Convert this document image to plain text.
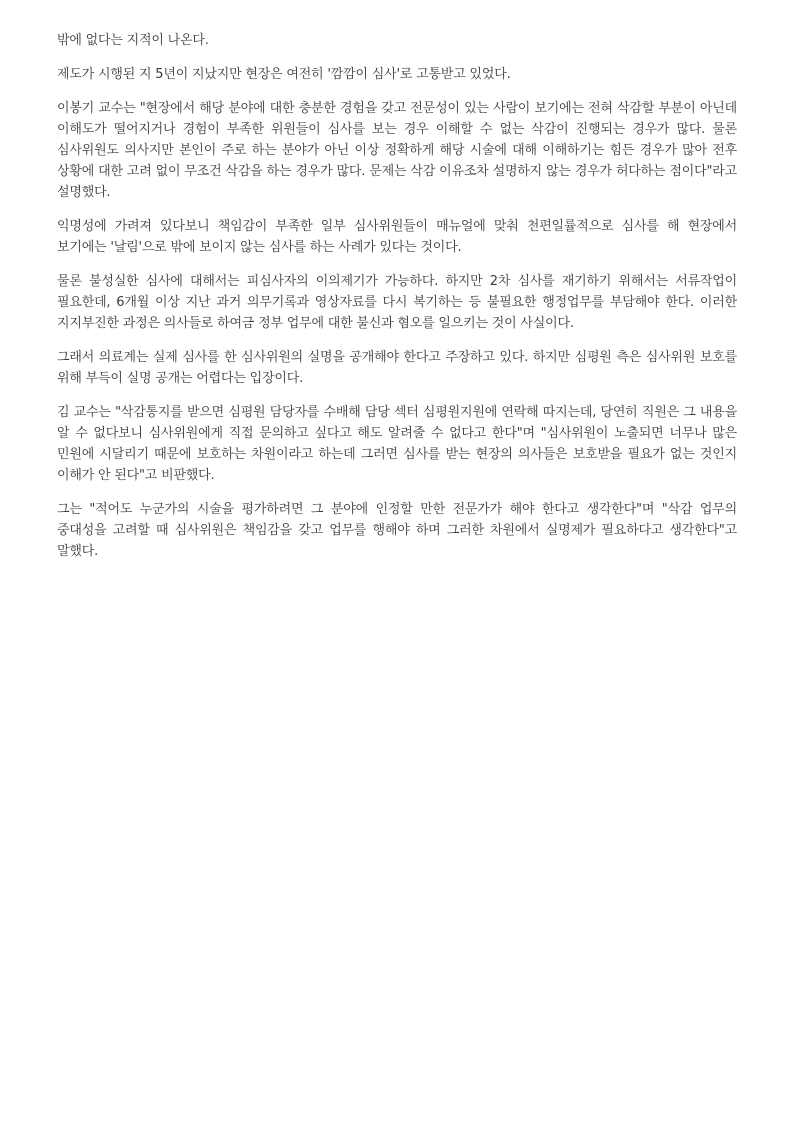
밖에 없다는 지적이 나온다.

제도가 시행된 지 5년이 지났지만 현장은 여전히 '깜깜이 심사'로 고통받고 있었다.

이봉기 교수는 "현장에서 해당 분야에 대한 충분한 경험을 갖고 전문성이 있는 사람이 보기에는 전혀 삭감할 부분이 아닌데 이해도가 떨어지거나 경험이 부족한 위원들이 심사를 보는 경우 이해할 수 없는 삭감이 진행되는 경우가 많다. 물론 심사위원도 의사지만 본인이 주로 하는 분야가 아닌 이상 정확하게 해당 시술에 대해 이해하기는 힘든 경우가 많아 전후 상황에 대한 고려 없이 무조건 삭감을 하는 경우가 많다. 문제는 삭감 이유조차 설명하지 않는 경우가 허다하는 점이다"라고 설명했다.

익명성에 가려져 있다보니 책임감이 부족한 일부 심사위원들이 매뉴얼에 맞춰 천편일률적으로 심사를 해 현장에서 보기에는 '날림'으로 밖에 보이지 않는 심사를 하는 사례가 있다는 것이다.

물론 불성실한 심사에 대해서는 피심사자의 이의제기가 가능하다. 하지만 2차 심사를 재기하기 위해서는 서류작업이 필요한데, 6개월 이상 지난 과거 의무기록과 영상자료를 다시 복기하는 등 불필요한 행정업무를 부담해야 한다. 이러한 지지부진한 과정은 의사들로 하여금 정부 업무에 대한 불신과 혐오를 일으키는 것이 사실이다.

그래서 의료계는 실제 심사를 한 심사위원의 실명을 공개해야 한다고 주장하고 있다. 하지만 심평원 측은 심사위원 보호를 위해 부득이 실명 공개는 어렵다는 입장이다.

김 교수는 "삭감통지를 받으면 심평원 담당자를 수배해 담당 섹터 심평원지원에 연락해 따지는데, 당연히 직원은 그 내용을 알 수 없다보니 심사위원에게 직접 문의하고 싶다고 해도 알려줄 수 없다고 한다"며 "심사위원이 노출되면 너무나 많은 민원에 시달리기 때문에 보호하는 차원이라고 하는데 그러면 심사를 받는 현장의 의사들은 보호받을 필요가 없는 것인지 이해가 안 된다"고 비판했다.

그는 "적어도 누군가의 시술을 평가하려면 그 분야에 인정할 만한 전문가가 해야 한다고 생각한다"며 "삭감 업무의 중대성을 고려할 때 심사위원은 책임감을 갖고 업무를 행해야 하며 그러한 차원에서 실명제가 필요하다고 생각한다"고 말했다.
